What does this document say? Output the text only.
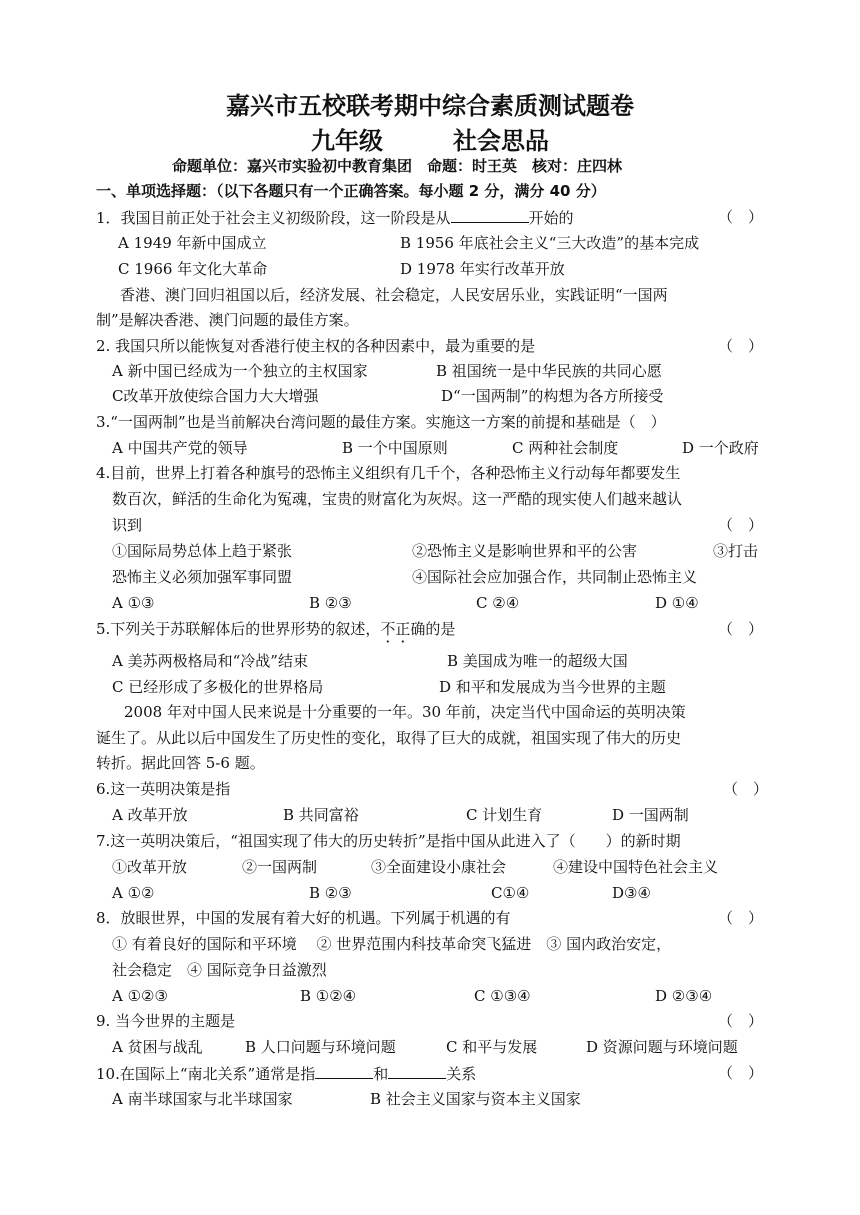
嘉兴市五校联考期中综合素质测试题卷
九年级	社会思品
命题单位：嘉兴市实验初中教育集团　命题：时王英　核对：庄四林
一、单项选择题：（以下各题只有一个正确答案。每小题 2 分，满分 40 分）
1．我国目前正处于社会主义初级阶段，这一阶段是从	开始的	（　）
A 1949 年新中国成立	B 1956 年底社会主义“三大改造”的基本完成
C 1966 年文化大革命	D 1978 年实行改革开放
香港、澳门回归祖国以后，经济发展、社会稳定，人民安居乐业，实践证明“一国两
制”是解决香港、澳门问题的最佳方案。
2. 我国只所以能恢复对香港行使主权的各种因素中，最为重要的是	（　）
A 新中国已经成为一个独立的主权国家	B 祖国统一是中华民族的共同心愿
C改革开放使综合国力大大增强	D“一国两制”的构想为各方所接受
3.“一国两制”也是当前解决台湾问题的最佳方案。实施这一方案的前提和基础是（　）
A 中国共产党的领导	B 一个中国原则	C 两种社会制度	D 一个政府
4.目前，世界上打着各种旗号的恐怖主义组织有几千个，各种恐怖主义行动每年都要发生
数百次，鲜活的生命化为冤魂，宝贵的财富化为灰烬。这一严酷的现实使人们越来越认
识到	（　）
①国际局势总体上趋于紧张	②恐怖主义是影响世界和平的公害	③打击
恐怖主义必须加强军事同盟	④国际社会应加强合作，共同制止恐怖主义
A ①③	B ②③	C ②④	D ①④
5.下列关于苏联解体后的世界形势的叙述，不正确的是	（　）
A 美苏两极格局和“冷战”结束	B 美国成为唯一的超级大国
C 已经形成了多极化的世界格局	D 和平和发展成为当今世界的主题
2008 年对中国人民来说是十分重要的一年。30 年前，决定当代中国命运的英明决策
诞生了。从此以后中国发生了历史性的变化，取得了巨大的成就，祖国实现了伟大的历史
转折。据此回答 5-6 题。
6.这一英明决策是指	（　）
A 改革开放	B 共同富裕	C 计划生育	D 一国两制
7.这一英明决策后，“祖国实现了伟大的历史转折”是指中国从此进入了（　　）的新时期
①改革开放	②一国两制	③全面建设小康社会	④建设中国特色社会主义
A ①②	B ②③	C①④	D③④
8．放眼世界，中国的发展有着大好的机遇。下列属于机遇的有	（　）
① 有着良好的国际和平环境　 ② 世界范围内科技革命突飞猛进　③ 国内政治安定，
社会稳定　④ 国际竞争日益激烈
A ①②③	B ①②④	C ①③④	D ②③④
9. 当今世界的主题是	（　）
A 贫困与战乱	B 人口问题与环境问题	C 和平与发展	D 资源问题与环境问题
10.在国际上“南北关系”通常是指	和	关系	（　）
A 南半球国家与北半球国家	B 社会主义国家与资本主义国家
